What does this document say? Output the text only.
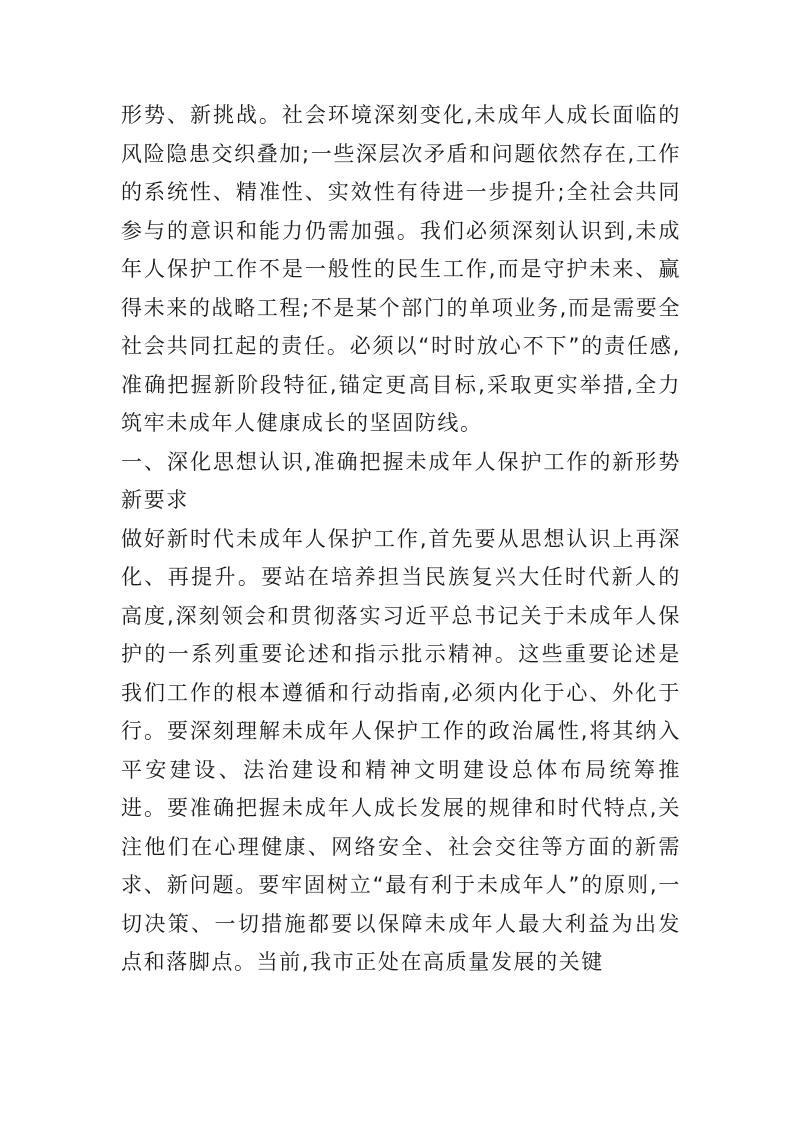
形势、新挑战。社会环境深刻变化,未成年人成长面临的风险隐患交织叠加;一些深层次矛盾和问题依然存在,工作的系统性、精准性、实效性有待进一步提升;全社会共同参与的意识和能力仍需加强。我们必须深刻认识到,未成年人保护工作不是一般性的民生工作,而是守护未来、赢得未来的战略工程;不是某个部门的单项业务,而是需要全社会共同扛起的责任。必须以“时时放心不下”的责任感,准确把握新阶段特征,锚定更高目标,采取更实举措,全力筑牢未成年人健康成长的坚固防线。

一、深化思想认识,准确把握未成年人保护工作的新形势新要求

做好新时代未成年人保护工作,首先要从思想认识上再深化、再提升。要站在培养担当民族复兴大任时代新人的高度,深刻领会和贯彻落实习近平总书记关于未成年人保护的一系列重要论述和指示批示精神。这些重要论述是我们工作的根本遵循和行动指南,必须内化于心、外化于行。要深刻理解未成年人保护工作的政治属性,将其纳入平安建设、法治建设和精神文明建设总体布局统筹推进。要准确把握未成年人成长发展的规律和时代特点,关注他们在心理健康、网络安全、社会交往等方面的新需求、新问题。要牢固树立“最有利于未成年人”的原则,一切决策、一切措施都要以保障未成年人最大利益为出发点和落脚点。当前,我市正处在高质量发展的关键
